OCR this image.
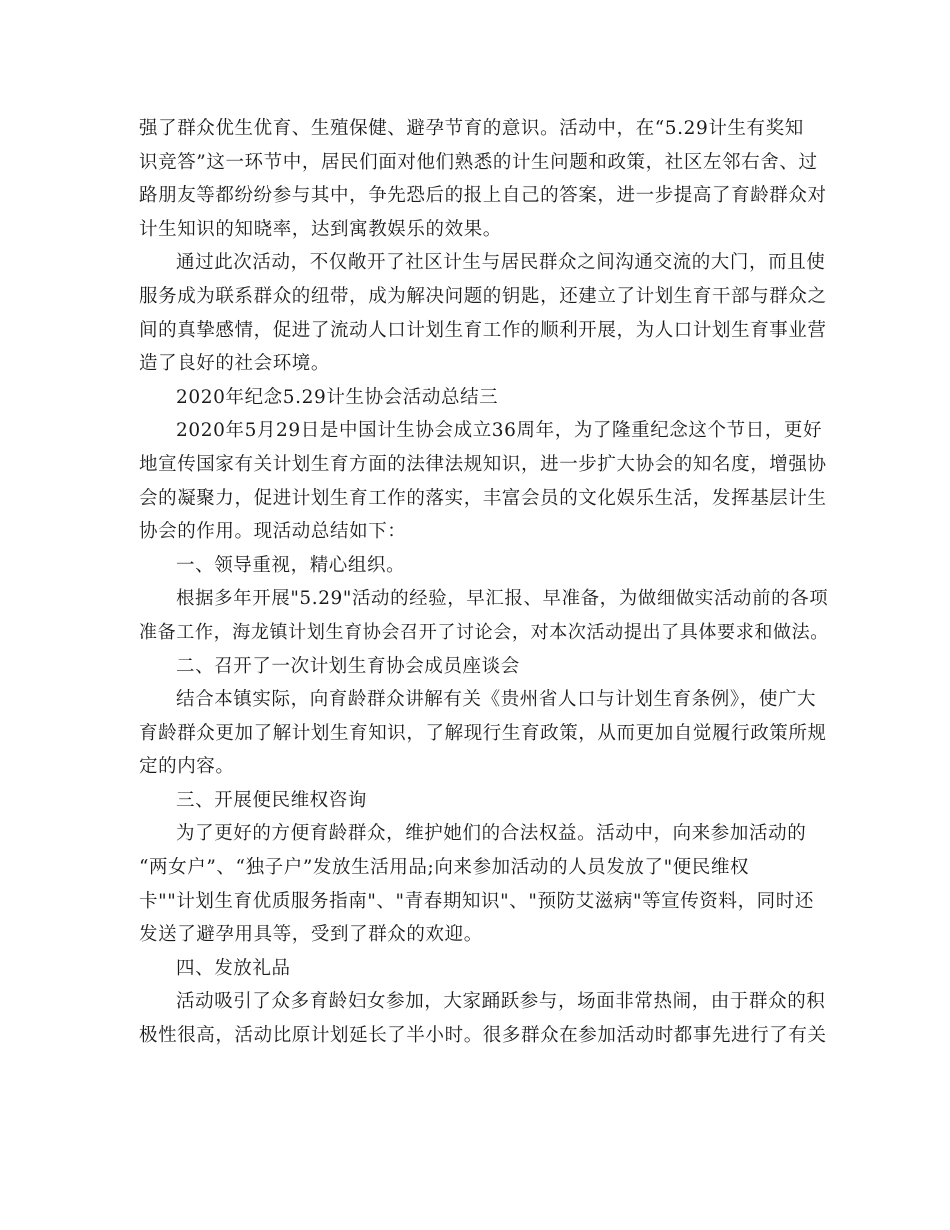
强了群众优生优育、生殖保健、避孕节育的意识。活动中，在“5.29计生有奖知
识竞答”这一环节中，居民们面对他们熟悉的计生问题和政策，社区左邻右舍、过
路朋友等都纷纷参与其中，争先恐后的报上自己的答案，进一步提高了育龄群众对
计生知识的知晓率，达到寓教娱乐的效果。
通过此次活动，不仅敞开了社区计生与居民群众之间沟通交流的大门，而且使
服务成为联系群众的纽带，成为解决问题的钥匙，还建立了计划生育干部与群众之
间的真挚感情，促进了流动人口计划生育工作的顺利开展，为人口计划生育事业营
造了良好的社会环境。
2020年纪念5.29计生协会活动总结三
2020年5月29日是中国计生协会成立36周年，为了隆重纪念这个节日，更好
地宣传国家有关计划生育方面的法律法规知识，进一步扩大协会的知名度，增强协
会的凝聚力，促进计划生育工作的落实，丰富会员的文化娱乐生活，发挥基层计生
协会的作用。现活动总结如下：
一、领导重视，精心组织。
根据多年开展"5.29"活动的经验，早汇报、早准备，为做细做实活动前的各项
准备工作，海龙镇计划生育协会召开了讨论会，对本次活动提出了具体要求和做法。
二、召开了一次计划生育协会成员座谈会
结合本镇实际，向育龄群众讲解有关《贵州省人口与计划生育条例》，使广大
育龄群众更加了解计划生育知识，了解现行生育政策，从而更加自觉履行政策所规
定的内容。
三、开展便民维权咨询
为了更好的方便育龄群众，维护她们的合法权益。活动中，向来参加活动的
“两女户”、“独子户”发放生活用品;向来参加活动的人员发放了"便民维权
卡""计划生育优质服务指南"、"青春期知识"、"预防艾滋病"等宣传资料，同时还
发送了避孕用具等，受到了群众的欢迎。
四、发放礼品
活动吸引了众多育龄妇女参加，大家踊跃参与，场面非常热闹，由于群众的积
极性很高，活动比原计划延长了半小时。很多群众在参加活动时都事先进行了有关
